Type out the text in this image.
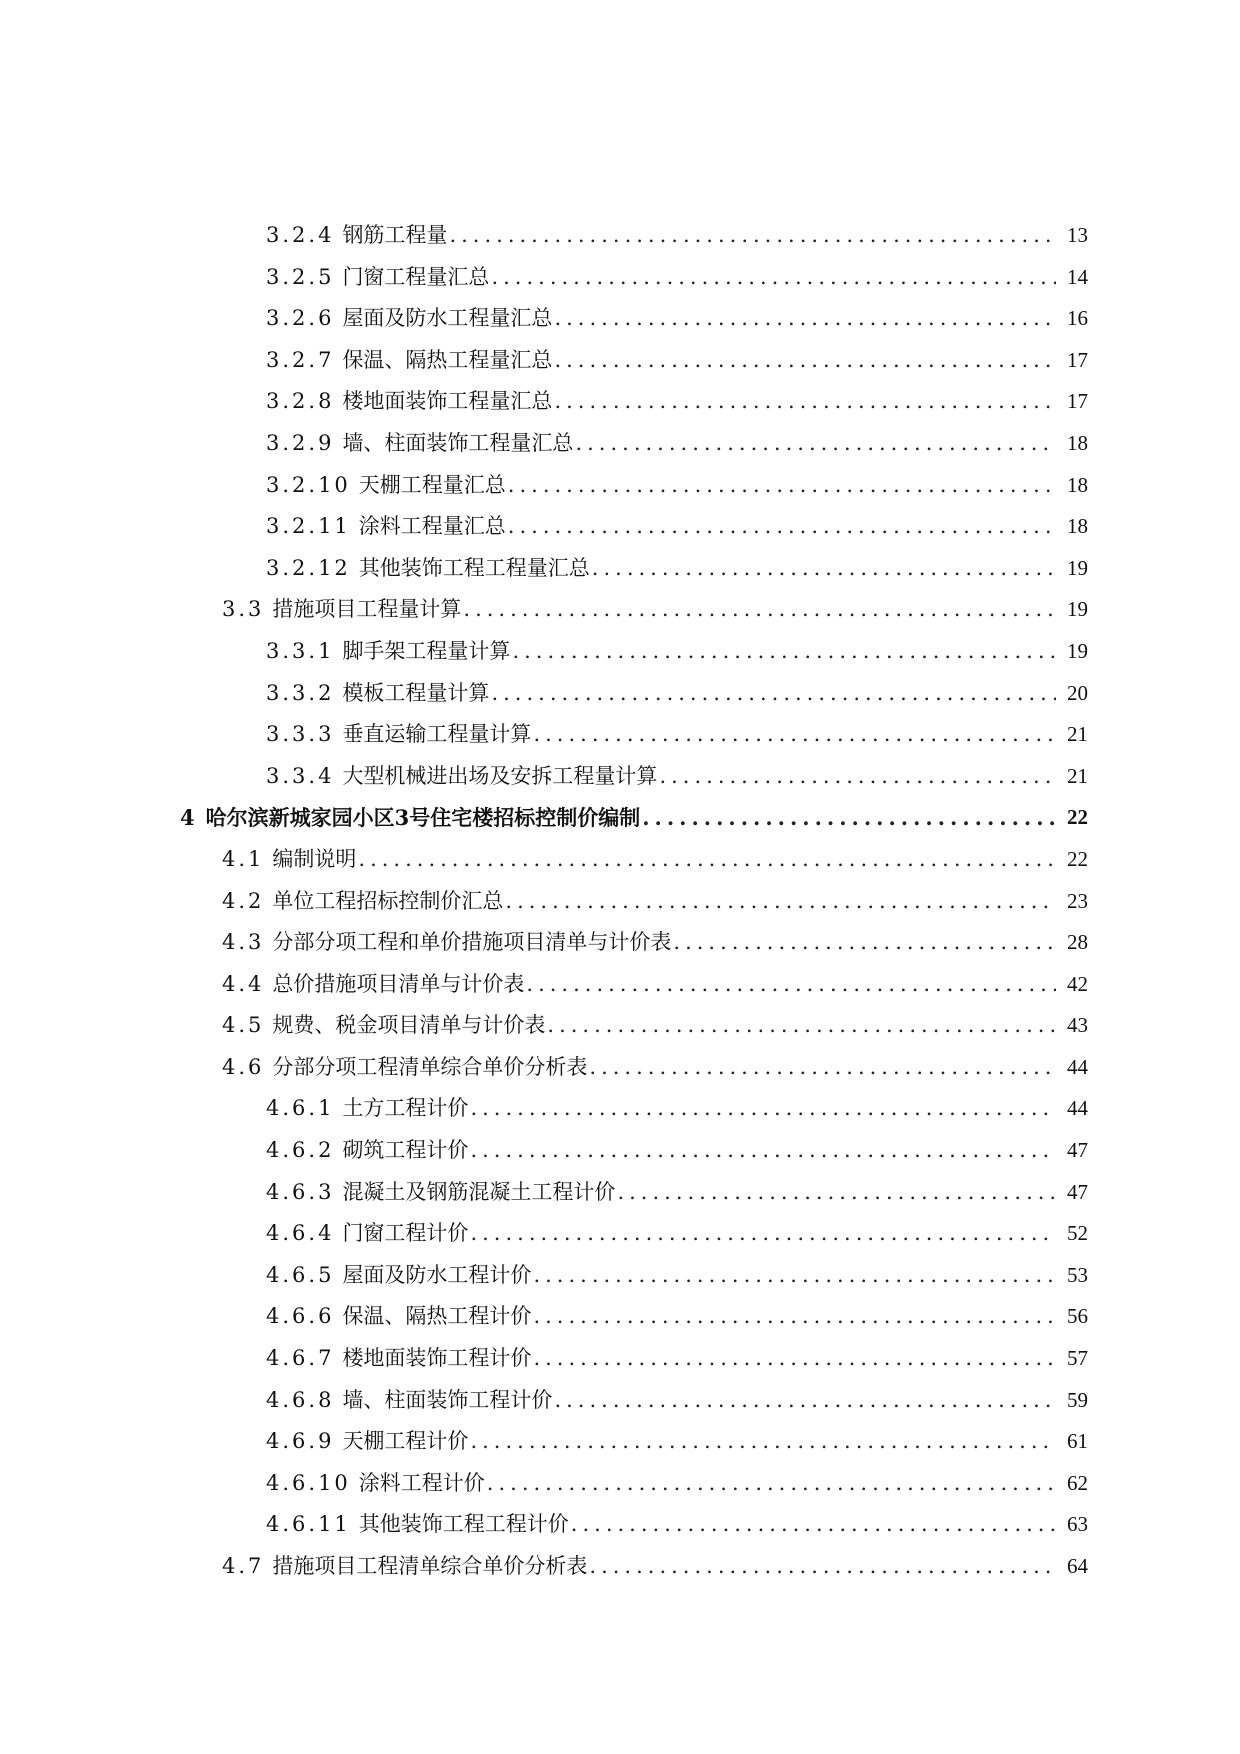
3.2.4 钢筋工程量 .....	13
3.2.5 门窗工程量汇总 .....	14
3.2.6 屋面及防水工程量汇总 .....	16
3.2.7 保温、隔热工程量汇总 .....	17
3.2.8 楼地面装饰工程量汇总 .....	17
3.2.9 墙、柱面装饰工程量汇总 .....	18
3.2.10 天棚工程量汇总 .....	18
3.2.11 涂料工程量汇总 .....	18
3.2.12 其他装饰工程工程量汇总 .....	19
3.3 措施项目工程量计算 .....	19
3.3.1 脚手架工程量计算 .....	19
3.3.2 模板工程量计算 .....	20
3.3.3 垂直运输工程量计算 .....	21
3.3.4 大型机械进出场及安拆工程量计算 .....	21
4 哈尔滨新城家园小区3号住宅楼招标控制价编制 .....	22
4.1 编制说明 .....	22
4.2 单位工程招标控制价汇总 .....	23
4.3 分部分项工程和单价措施项目清单与计价表 .....	28
4.4 总价措施项目清单与计价表 .....	42
4.5 规费、税金项目清单与计价表 .....	43
4.6 分部分项工程清单综合单价分析表 .....	44
4.6.1 土方工程计价 .....	44
4.6.2 砌筑工程计价 .....	47
4.6.3 混凝土及钢筋混凝土工程计价 .....	47
4.6.4 门窗工程计价 .....	52
4.6.5 屋面及防水工程计价 .....	53
4.6.6 保温、隔热工程计价 .....	56
4.6.7 楼地面装饰工程计价 .....	57
4.6.8 墙、柱面装饰工程计价 .....	59
4.6.9 天棚工程计价 .....	61
4.6.10 涂料工程计价 .....	62
4.6.11 其他装饰工程工程计价 .....	63
4.7 措施项目工程清单综合单价分析表 .....	64
